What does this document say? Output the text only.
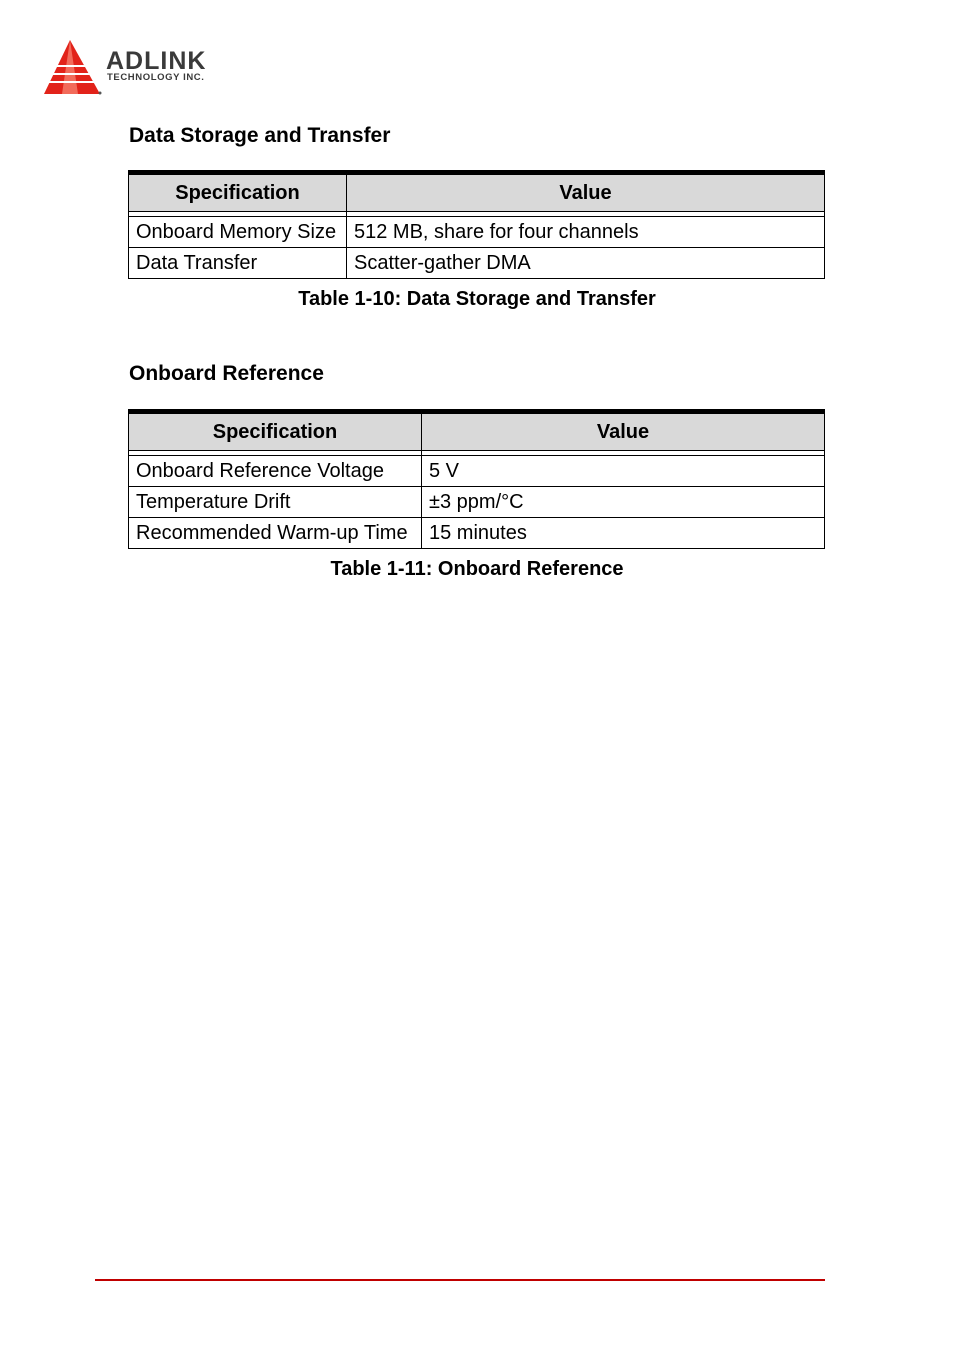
ADLINK
TECHNOLOGY INC.
Data Storage and Transfer
Specification	Value

Onboard Memory Size	512 MB, share for four channels
Data Transfer	Scatter-gather DMA

Table 1-10: Data Storage and Transfer

Onboard Reference
Specification	Value

Onboard Reference Voltage	5 V
Temperature Drift	±3 ppm/°C
Recommended Warm-up Time	15 minutes

Table 1-11: Onboard Reference
